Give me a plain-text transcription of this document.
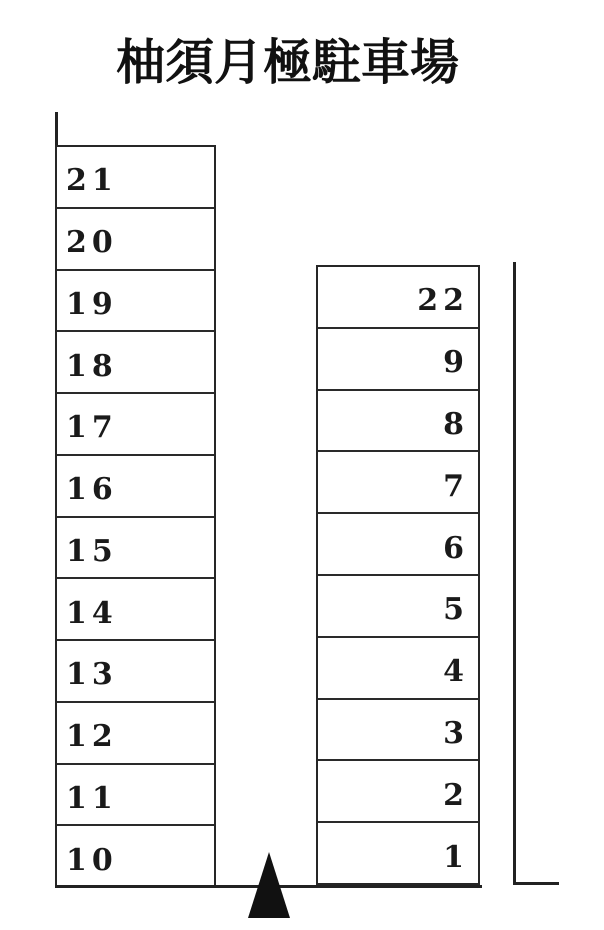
柚須月極駐車場
21
20
19
18
17
16
15
14
13
12
11
10
22
9
8
7
6
5
4
3
2
1
